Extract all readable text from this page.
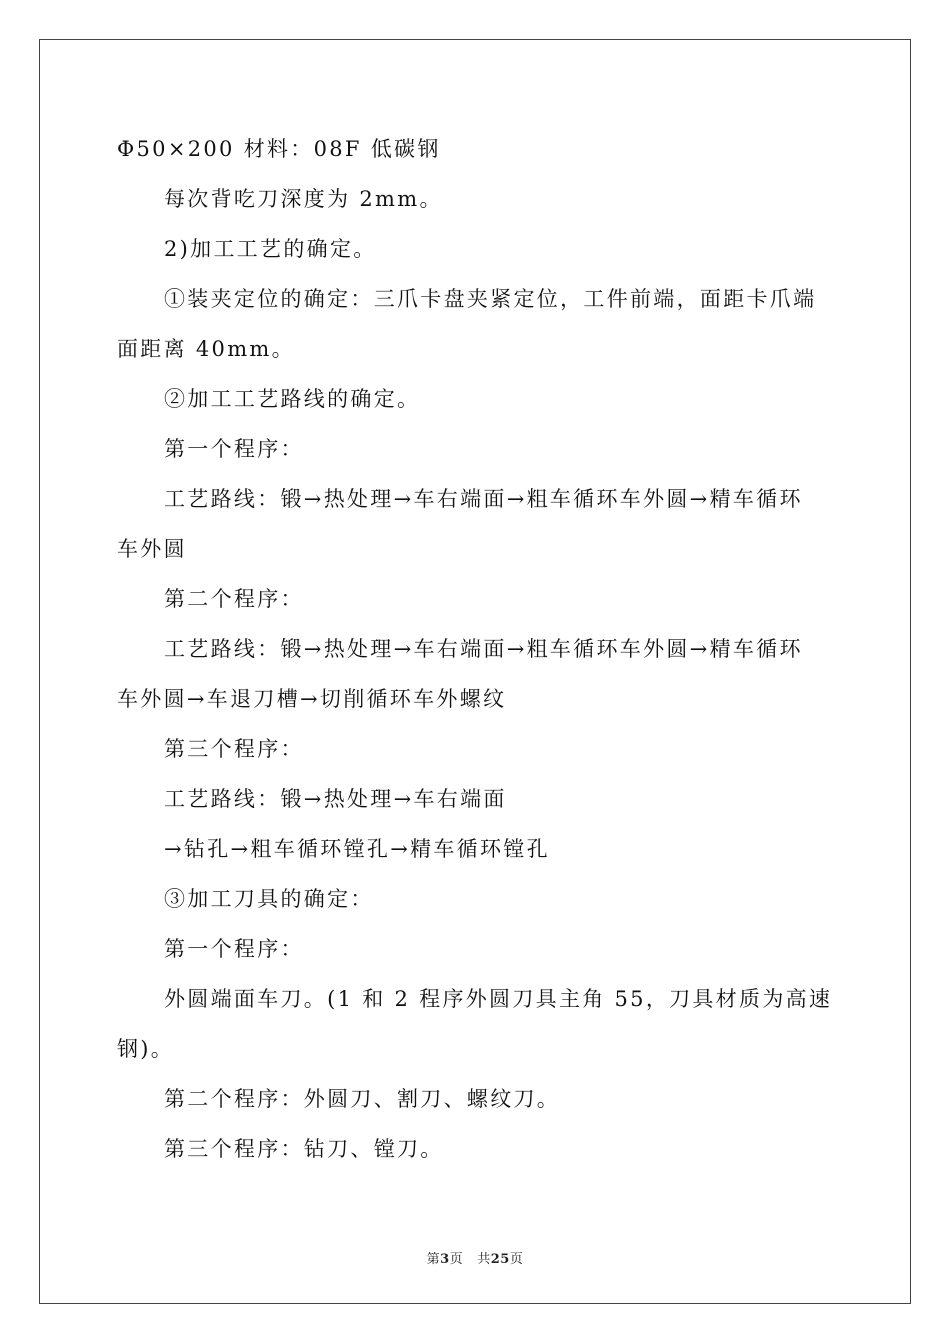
Φ50×200 材料：08F 低碳钢
每次背吃刀深度为 2mm。
2)加工工艺的确定。
①装夹定位的确定：三爪卡盘夹紧定位，工件前端，面距卡爪端
面距离 40mm。
②加工工艺路线的确定。
第一个程序：
工艺路线：锻→热处理→车右端面→粗车循环车外圆→精车循环
车外圆
第二个程序：
工艺路线：锻→热处理→车右端面→粗车循环车外圆→精车循环
车外圆→车退刀槽→切削循环车外螺纹
第三个程序：
工艺路线：锻→热处理→车右端面
→钻孔→粗车循环镗孔→精车循环镗孔
③加工刀具的确定：
第一个程序：
外圆端面车刀。(1 和 2 程序外圆刀具主角 55，刀具材质为高速
钢)。
第二个程序：外圆刀、割刀、螺纹刀。
第三个程序：钻刀、镗刀。
第3页 共25页
